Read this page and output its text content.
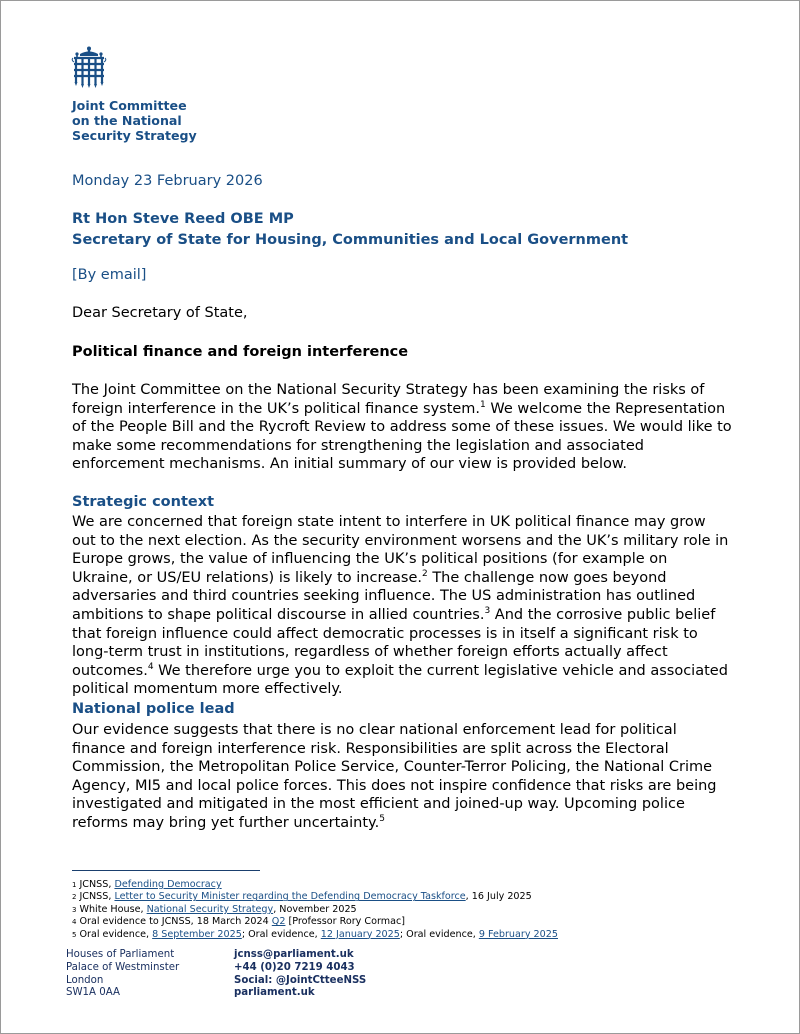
Joint Committee
on the National
Security Strategy

Monday 23 February 2026
Rt Hon Steve Reed OBE MP
Secretary of State for Housing, Communities and Local Government
[By email]
Dear Secretary of State,
Political finance and foreign interference

The Joint Committee on the National Security Strategy has been examining the risks of foreign interference in the UK’s political finance system.$^1$ We welcome the Representation of the People Bill and the Rycroft Review to address some of these issues. We would like to make some recommendations for strengthening the legislation and associated enforcement mechanisms. An initial summary of our view is provided below.

Strategic context

We are concerned that foreign state intent to interfere in UK political finance may grow out to the next election. As the security environment worsens and the UK’s military role in Europe grows, the value of influencing the UK’s political positions (for example on Ukraine, or US/EU relations) is likely to increase.$^2$ The challenge now goes beyond adversaries and third countries seeking influence. The US administration has outlined ambitions to shape political discourse in allied countries.$^3$ And the corrosive public belief that foreign influence could affect democratic processes is in itself a significant risk to long-term trust in institutions, regardless of whether foreign efforts actually affect outcomes.$^4$ We therefore urge you to exploit the current legislative vehicle and associated political momentum more effectively.

National police lead

Our evidence suggests that there is no clear national enforcement lead for political finance and foreign interference risk. Responsibilities are split across the Electoral Commission, the Metropolitan Police Service, Counter-Terror Policing, the National Crime Agency, MI5 and local police forces. This does not inspire confidence that risks are being investigated and mitigated in the most efficient and joined-up way. Upcoming police reforms may bring yet further uncertainty.$^5$

$^1$ JCNSS, Defending Democracy
$^2$ JCNSS, Letter to Security Minister regarding the Defending Democracy Taskforce, 16 July 2025
$^3$ White House, National Security Strategy, November 2025
$^4$ Oral evidence to JCNSS, 18 March 2024 Q2 [Professor Rory Cormac]
$^5$ Oral evidence, 8 September 2025; Oral evidence, 12 January 2025; Oral evidence, 9 February 2025
Houses of Parliament
Palace of Westminster
London
SW1A 0AA
jcnss@parliament.uk
+44 (0)20 7219 4043
Social: @JointCtteeNSS
parliament.uk
